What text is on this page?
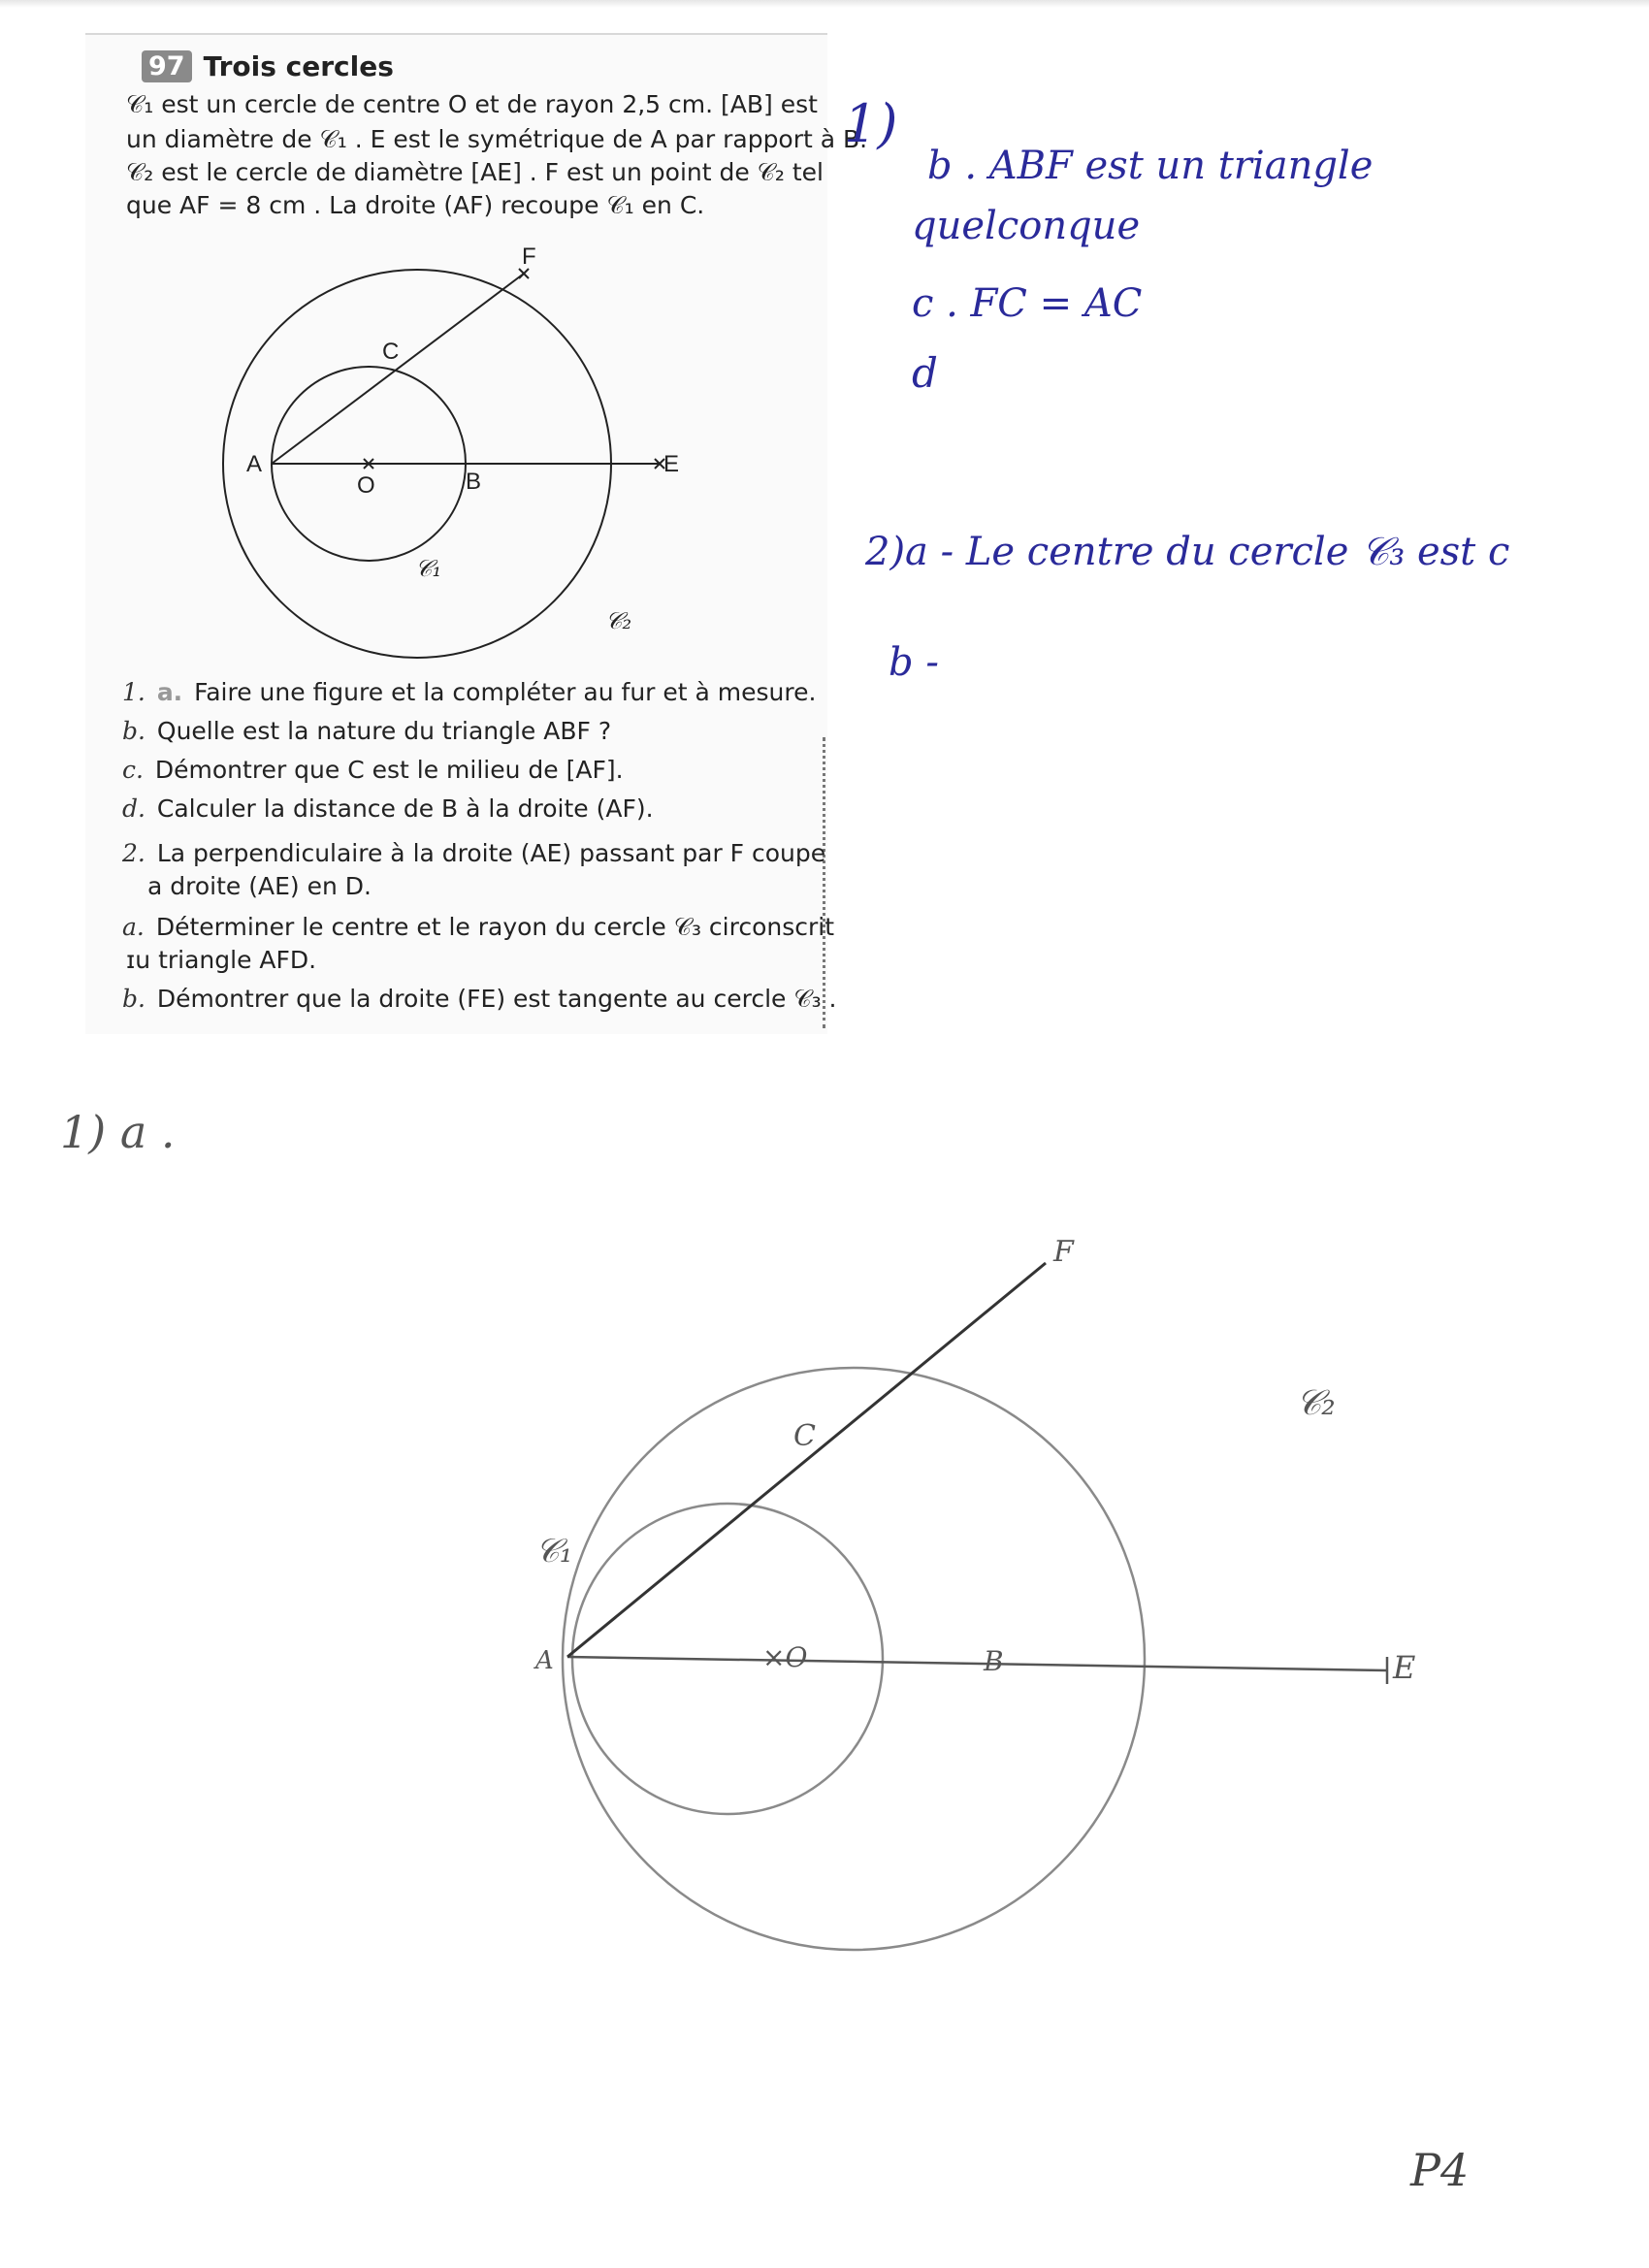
97 Trois cercles
𝒞₁ est un cercle de centre O et de rayon 2,5 cm. [AB] est
un diamètre de 𝒞₁ . E est le symétrique de A par rapport à B.
𝒞₂ est le cercle de diamètre [AE] . F est un point de 𝒞₂ tel
que AF = 8 cm . La droite (AF) recoupe 𝒞₁ en C.
1. a. Faire une figure et la compléter au fur et à mesure.
b. Quelle est la nature du triangle ABF ?
c. Démontrer que C est le milieu de [AF].
d. Calculer la distance de B à la droite (AF).
2. La perpendiculaire à la droite (AE) passant par F coupe
a droite (AE) en D.
a. Déterminer le centre et le rayon du cercle 𝒞₃ circonscrit
ɪu triangle AFD.
b. Démontrer que la droite (FE) est tangente au cercle 𝒞₃ .
A
O	B
E
C
F
𝒞₁
𝒞₂
A	×O	B	E
C
F
𝒞₁
𝒞₂
1)
b . ABF est un triangle
quelconque
c . FC = AC
d
2)a - Le centre du cercle 𝒞₃ est c
b -
1) a .
P4
